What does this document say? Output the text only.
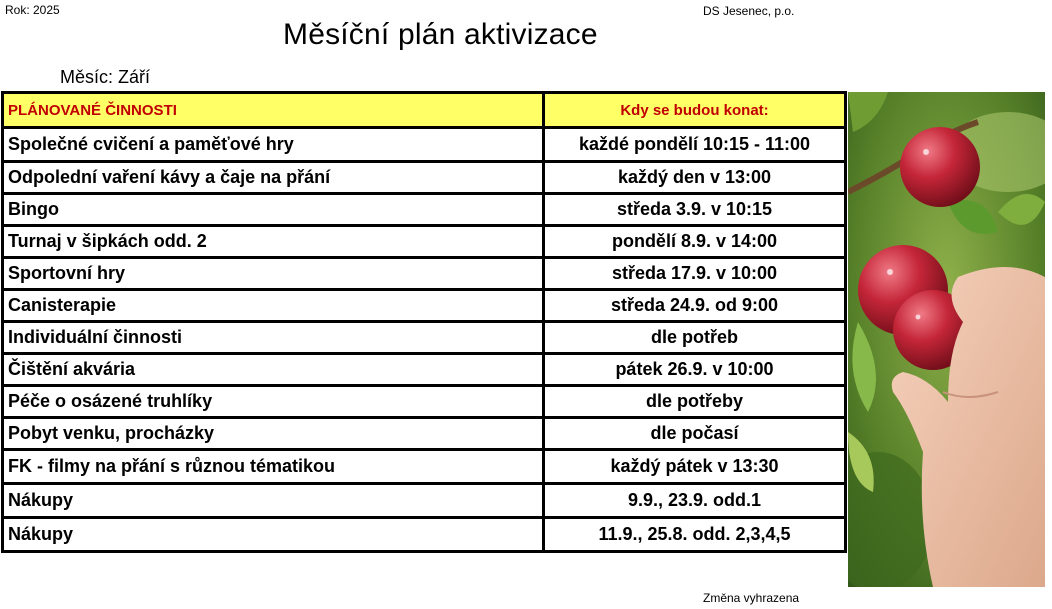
Rok: 2025	DS Jesenec, p.o.
Měsíční plán aktivizace
Měsíc: Září
PLÁNOVANÉ ČINNOSTI	Kdy se budou konat:
Společné cvičení a paměťové hry	každé pondělí 10:15 - 11:00
Odpolední vaření kávy a čaje na přání	každý den v 13:00
Bingo	středa 3.9. v 10:15
Turnaj v šipkách odd. 2	pondělí 8.9. v 14:00
Sportovní hry	středa 17.9. v 10:00
Canisterapie	středa 24.9. od 9:00
Individuální činnosti	dle potřeb
Čištění akvária	pátek 26.9. v 10:00
Péče o osázené truhlíky	dle potřeby
Pobyt venku, procházky	dle počasí
FK - filmy na přání s různou tématikou	každý pátek v 13:30
Nákupy	9.9., 23.9. odd.1
Nákupy	11.9., 25.8. odd. 2,3,4,5
Změna vyhrazena
